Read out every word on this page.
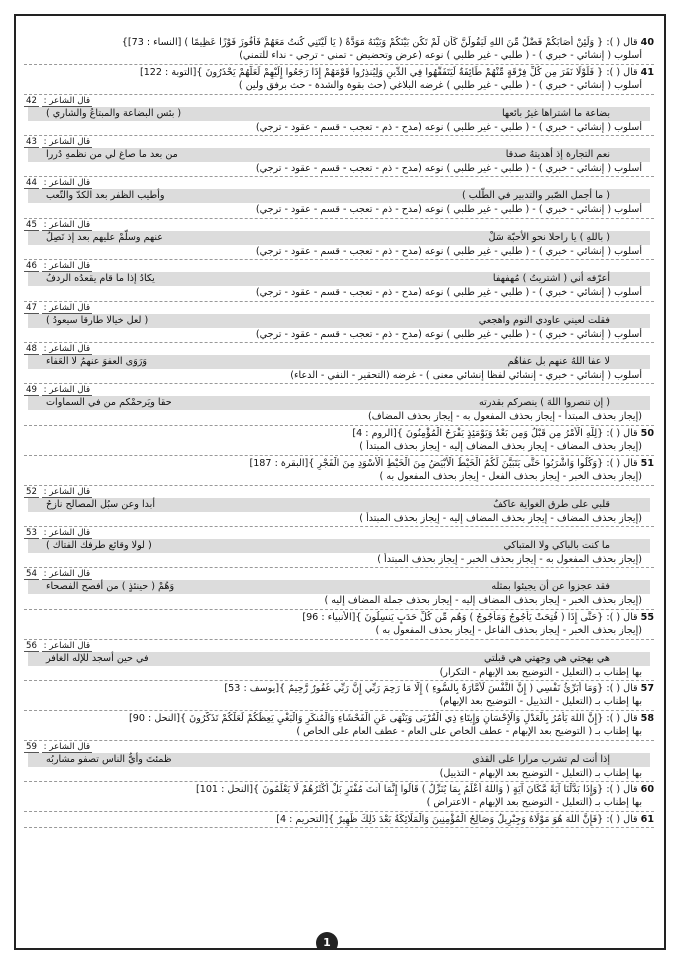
40
قال ( ): { وَلَئِنْ أَصَابَكُمْ فَضْلٌ مِّنَ اللهِ لَيَقُولَنَّ كَأَن لَّمْ تَكُن بَيْنَكُمْ وَبَيْنَهُ مَوَدَّةٌ ( يَا لَيْتَنِي كُنتُ مَعَهُمْ فَأَفُوزَ فَوْزًا عَظِيمًا ) [النساء : 73]}
أسلوب ( إنشائي - خبري ) - ( طلبي - غير طلبي ) نوعه (عرض وتحضيض - تمني - ترجي - نداء للتمني)
41
قال ( ): { فَلَوْلَا نَفَرَ مِن كُلِّ فِرْقَةٍ مِّنْهُمْ طَائِفَةٌ لِّيَتَفَقَّهُوا فِي الدِّينِ وَلِيُنذِرُوا قَوْمَهُمْ إِذَا رَجَعُوا إِلَيْهِمْ لَعَلَّهُمْ يَحْذَرُونَ }[التوبة : 122]
أسلوب ( إنشائي - خبري ) - ( طلبي - غير طلبي ) غرضه البلاغي (حث بقوة والشدة - حث برفق ولين )
قال الشاعر : 42
بضاعة ما اشتراها غيرُ بائعها
( بئس البضاعة والمبتاعُ والشاري )
أسلوب ( إنشائي - خبري ) - ( طلبي - غير طلبي ) نوعه (مدح - ذم - تعجب - قسم - عقود - ترجي)
قال الشاعر : 43
نعم التجارة إذ أهديتهُ صدقا
من بعد ما صاغ لي من نظمهِ دُررا
أسلوب ( إنشائي - خبري ) - ( طلبي - غير طلبي ) نوعه (مدح - ذم - تعجب - قسم - عقود - ترجي)
قال الشاعر : 44
( ما أجمل الصّبر والتدبير في الطّلب )
وأطيب الظفر بعد الكدّ والتّعب
أسلوب ( إنشائي - خبري ) - ( طلبي - غير طلبي ) نوعه (مدح - ذم - تعجب - قسم - عقود - ترجي)
قال الشاعر : 45
( باللهِ ) يا راحلا نحو الأحبّة سَلْ
عنهم وسلّمْ عليهم بعد إذ تَصِلُ
أسلوب ( إنشائي - خبري ) - ( طلبي - غير طلبي ) نوعه (مدح - ذم - تعجب - قسم - عقود - ترجي)
قال الشاعر : 46
أعرّفه أني ( اشتريتُ ) مُهفهفا
يكادُ إذا ما قام يقعدُه الردفُ
أسلوب ( إنشائي - خبري ) - ( طلبي - غير طلبي ) نوعه (مدح - ذم - تعجب - قسم - عقود - ترجي)
قال الشاعر : 47
فقلت لعيني عاودي النوم واهجعي
( لعل خيالا طارقا سيعودُ )
أسلوب ( إنشائي - خبري ) - ( طلبي - غير طلبي ) نوعه (مدح - ذم - تعجب - قسم - عقود - ترجي)
قال الشاعر : 48
لا عفا اللهُ عنهم بل عفاهُم
وَرَوَى العفوَ عنهمُ لا العَفاء
أسلوب ( إنشائي - خبري - إنشائي لفظا إنشائي معنى ) - غرضه (التحقير - النفي - الدعاء)
قال الشاعر : 49
( إن تنصروا اللهَ ) ينصركم بقدرته
حقا ويَرحمْكم من في السماوات
(إيجاز بحذف المبتدأ - إيجاز بحذف المفعول به - إيجاز بحذف المضاف)
50
قال ( ): {لِلَّهِ الْأَمْرُ مِن قَبْلُ وَمِن بَعْدُ وَيَوْمَئِذٍ يَفْرَحُ الْمُؤْمِنُونَ }[الروم : 4]
(إيجاز بحذف المضاف - إيجاز بحذف المضاف إليه - إيجاز بحذف المبتدأ )
51
قال ( ): {وَكُلُوا وَاشْرَبُوا حَتَّى يَتَبَيَّنَ لَكُمُ الْخَيْطُ الْأَبْيَضُ مِنَ الْخَيْطِ الْأَسْوَدِ مِنَ الْفَجْرِ }[البقرة : 187]
(إيجاز بحذف الخبر - إيجاز بحذف الفعل - إيجاز بحذف المفعول به )
قال الشاعر : 52
قلبي على طرق الغواية عاكفٌ
أبدا وعن سبُل المصالح نازحُ
(إيجاز بحذف المضاف - إيجاز بحذف المضاف إليه - إيجاز بحذف المبتدأ )
قال الشاعر : 53
ما كنت بالباكي ولا المتباكي
( لولا وقائع طرفك الفتاك )
(إيجاز بحذف المفعول به - إيجاز بحذف الخبر - إيجاز بحذف المبتدأ )
قال الشاعر : 54
فقد عجزوا عن أن يجيئوا بمثله
وَهُمْ ( حينئذٍ ) من أفصح الفصحاء
(إيجاز بحذف الخبر - إيجاز بحذف المضاف إليه - إيجاز بحذف جملة المضاف إليه )
55
قال ( ): {حَتَّى إِذَا ( فُتِحَتْ يَأْجُوجُ وَمَأْجُوجُ ) وَهُم مِّن كُلِّ حَدَبٍ يَنسِلُونَ }[الأنبياء : 96]
(إيجاز بحذف الخبر - إيجاز بحذف الفاعل - إيجاز بحذف المفعول به )
قال الشاعر : 56
هي بهجتي هي وجهتي هي قبلتي
في حين أسجد للإله الغافر
بها إطناب بـ (التعليل - التوضيح بعد الإبهام - التكرار)
57
قال ( ): {وَمَا أُبَرِّئُ نَفْسِي ( إِنَّ النَّفْسَ لَأَمَّارَةٌ بِالسُّوءِ ) إِلَّا مَا رَحِمَ رَبِّي إِنَّ رَبِّي غَفُورٌ رَّحِيمٌ }[يوسف : 53]
بها إطناب بـ (التعليل - التذييل - التوضيح بعد الإبهام)
58
قال ( ): {إِنَّ اللهَ يَأْمُرُ بِالْعَدْلِ وَالْإِحْسَانِ وَإِيتَاءِ ذِي الْقُرْبَى وَيَنْهَى عَنِ الْفَحْشَاءِ وَالْمُنكَرِ وَالْبَغْيِ يَعِظُكُمْ لَعَلَّكُمْ تَذَكَّرُونَ }[النحل : 90]
بها إطناب بـ ( التوضيح بعد الإبهام - عطف الخاص على العام - عطف العام على الخاص )
قال الشاعر : 59
إذا أنت لم تشرب مرارا على القذى
ظمئتَ وأيُّ الناس تصفو مشاربُه
بها إطناب بـ (التعليل - التوضيح بعد الإبهام - التذييل)
60
قال ( ): {وَإِذَا بَدَّلْنَا آيَةً مَّكَانَ آيَةٍ ( وَاللهُ أَعْلَمُ بِمَا يُنَزِّلُ ) قَالُوا إِنَّمَا أَنتَ مُفْتَرٍ بَلْ أَكْثَرُهُمْ لَا يَعْلَمُونَ }[النحل : 101]
بها إطناب بـ (التعليل - التوضيح بعد الإبهام - الاعتراض )
61
قال ( ): {فَإِنَّ اللهَ هُوَ مَوْلَاهُ وَجِبْرِيلُ وَصَالِحُ الْمُؤْمِنِينَ وَالْمَلَائِكَةُ بَعْدَ ذَلِكَ ظَهِيرٌ }[التحريم : 4]
1
